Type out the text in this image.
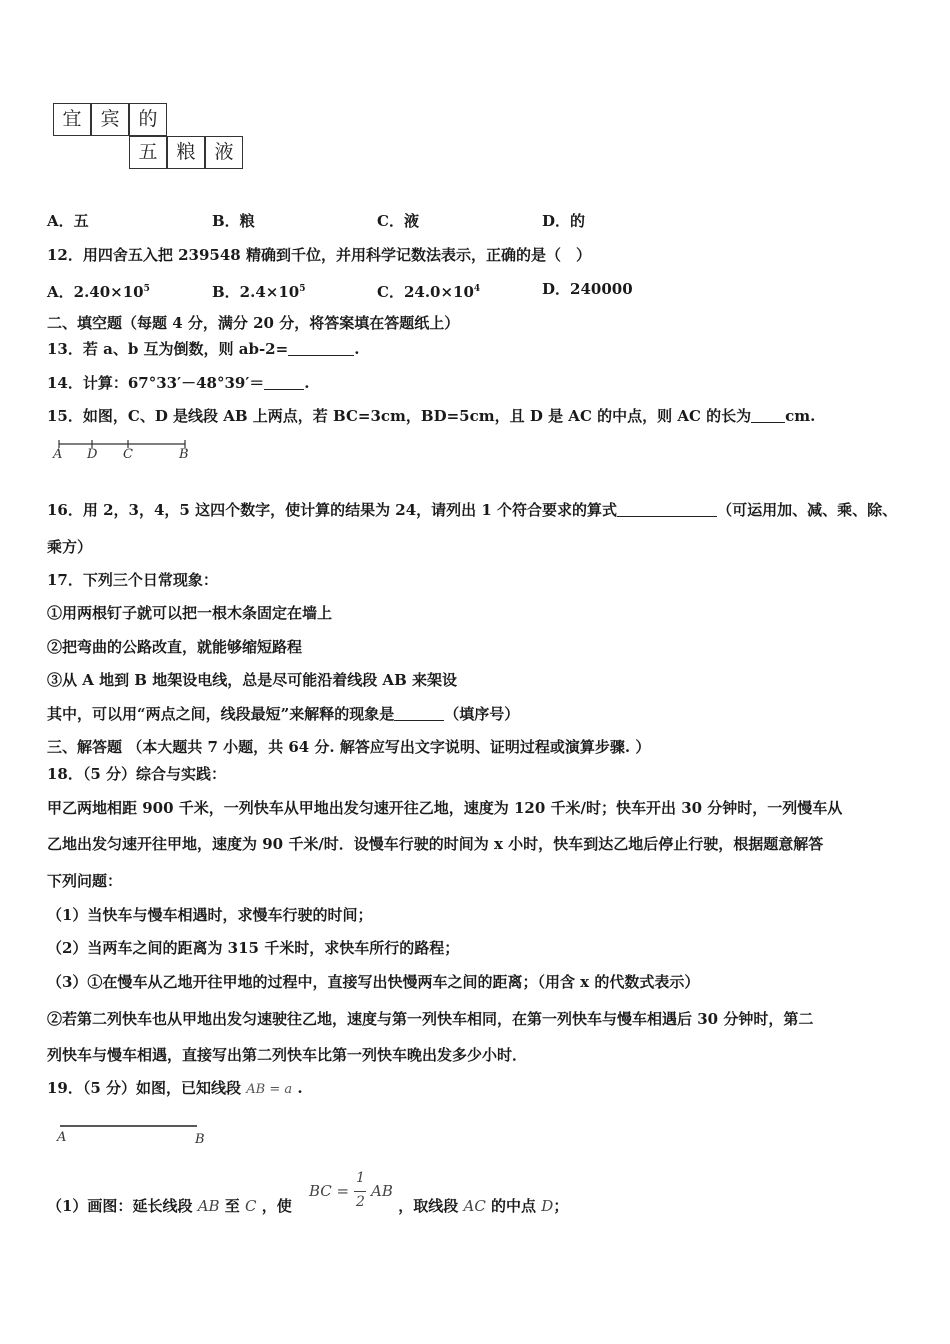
宜 宾 的
五 粮 液
A．五	B．粮	C．液	D．的
12．用四舍五入把 239548 精确到千位，并用科学记数法表示，正确的是（　）
A．$2.40\times 10^5$	B．$2.4\times 10^5$	C．$24.0\times 10^4$	D．240000
二、填空题（每题 4 分，满分 20 分，将答案填在答题纸上）
13．若 a、b 互为倒数，则 ab-2=	.
14．计算：67°33′－48°39′＝	.
15．如图，C、D 是线段 AB 上两点，若 BC=3cm，BD=5cm，且 D 是 AC 的中点，则 AC 的长为 cm.
A D C	B
16．用 2，3，4，5 这四个数字，使计算的结果为 24，请列出 1 个符合要求的算式	（可运用加、减、乘、除、
乘方）
17．下列三个日常现象：
①用两根钉子就可以把一根木条固定在墙上
②把弯曲的公路改直，就能够缩短路程
③从 A 地到 B 地架设电线，总是尽可能沿着线段 AB 来架设
其中，可以用“两点之间，线段最短”来解释的现象是	（填序号）
三、解答题 （本大题共 7 小题，共 64 分. 解答应写出文字说明、证明过程或演算步骤. ）
18．（5 分）综合与实践：
甲乙两地相距 900 千米，一列快车从甲地出发匀速开往乙地，速度为 120 千米/时；快车开出 30 分钟时，一列慢车从
乙地出发匀速开往甲地，速度为 90 千米/时．设慢车行驶的时间为 x 小时，快车到达乙地后停止行驶，根据题意解答
下列问题：
（1）当快车与慢车相遇时，求慢车行驶的时间；
（2）当两车之间的距离为 315 千米时，求快车所行的路程；
（3）①在慢车从乙地开往甲地的过程中，直接写出快慢两车之间的距离；（用含 x 的代数式表示）
②若第二列快车也从甲地出发匀速驶往乙地，速度与第一列快车相同，在第一列快车与慢车相遇后 30 分钟时，第二
列快车与慢车相遇，直接写出第二列快车比第一列快车晚出发多少小时．
19．（5 分）如图，已知线段 AB = a .
A	B
（1）画图：延长线段 AB 至 C ，使	，取线段 AC 的中点 D；
BC =
1
2
AB
